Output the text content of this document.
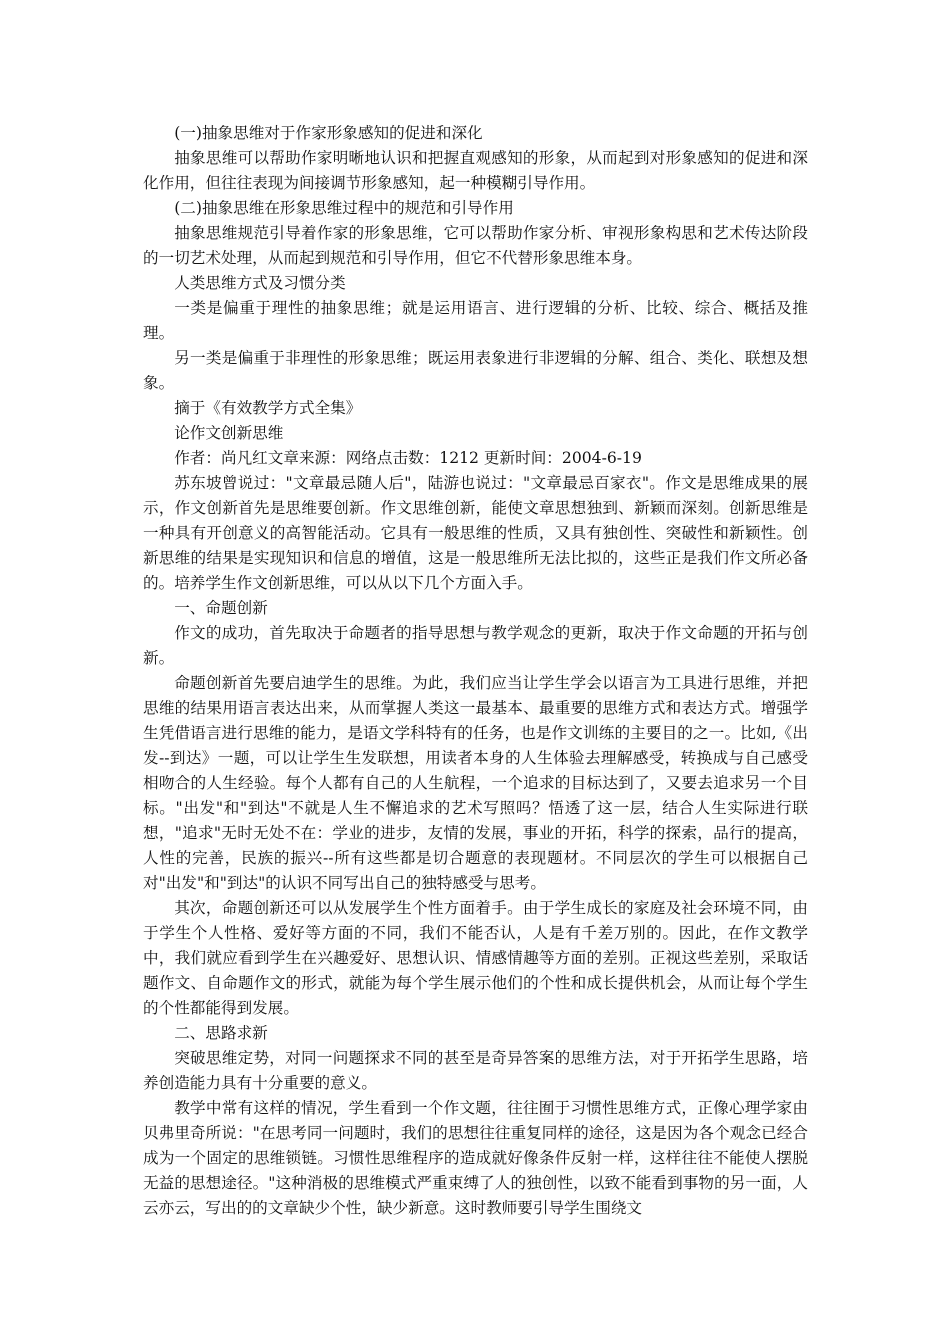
(一)抽象思维对于作家形象感知的促进和深化

抽象思维可以帮助作家明晰地认识和把握直观感知的形象，从而起到对形象感知的促进和深化作用，但往往表现为间接调节形象感知，起一种模糊引导作用。

(二)抽象思维在形象思维过程中的规范和引导作用

抽象思维规范引导着作家的形象思维，它可以帮助作家分析、审视形象构思和艺术传达阶段的一切艺术处理，从而起到规范和引导作用，但它不代替形象思维本身。

人类思维方式及习惯分类

一类是偏重于理性的抽象思维；就是运用语言、进行逻辑的分析、比较、综合、概括及推理。

另一类是偏重于非理性的形象思维；既运用表象进行非逻辑的分解、组合、类化、联想及想象。

摘于《有效教学方式全集》

论作文创新思维

作者：尚凡红文章来源：网络点击数：1212 更新时间：2004-6-19

苏东坡曾说过："文章最忌随人后"，陆游也说过："文章最忌百家衣"。作文是思维成果的展示，作文创新首先是思维要创新。作文思维创新，能使文章思想独到、新颖而深刻。创新思维是一种具有开创意义的高智能活动。它具有一般思维的性质，又具有独创性、突破性和新颖性。创新思维的结果是实现知识和信息的增值，这是一般思维所无法比拟的，这些正是我们作文所必备的。培养学生作文创新思维，可以从以下几个方面入手。

一、命题创新

作文的成功，首先取决于命题者的指导思想与教学观念的更新，取决于作文命题的开拓与创新。

命题创新首先要启迪学生的思维。为此，我们应当让学生学会以语言为工具进行思维，并把思维的结果用语言表达出来，从而掌握人类这一最基本、最重要的思维方式和表达方式。增强学生凭借语言进行思维的能力，是语文学科特有的任务，也是作文训练的主要目的之一。比如,《出发--到达》一题，可以让学生生发联想，用读者本身的人生体验去理解感受，转换成与自己感受相吻合的人生经验。每个人都有自己的人生航程，一个追求的目标达到了，又要去追求另一个目标。"出发"和"到达"不就是人生不懈追求的艺术写照吗？悟透了这一层，结合人生实际进行联想，"追求"无时无处不在：学业的进步，友情的发展，事业的开拓，科学的探索，品行的提高，人性的完善，民族的振兴--所有这些都是切合题意的表现题材。不同层次的学生可以根据自己对"出发"和"到达"的认识不同写出自己的独特感受与思考。

其次，命题创新还可以从发展学生个性方面着手。由于学生成长的家庭及社会环境不同，由于学生个人性格、爱好等方面的不同，我们不能否认，人是有千差万别的。因此，在作文教学中，我们就应看到学生在兴趣爱好、思想认识、情感情趣等方面的差别。正视这些差别，采取话题作文、自命题作文的形式，就能为每个学生展示他们的个性和成长提供机会，从而让每个学生的个性都能得到发展。

二、思路求新

突破思维定势，对同一问题探求不同的甚至是奇异答案的思维方法，对于开拓学生思路，培养创造能力具有十分重要的意义。

教学中常有这样的情况，学生看到一个作文题，往往囿于习惯性思维方式，正像心理学家由贝弗里奇所说："在思考同一问题时，我们的思想往往重复同样的途径，这是因为各个观念已经合成为一个固定的思维锁链。习惯性思维程序的造成就好像条件反射一样，这样往往不能使人摆脱无益的思想途径。"这种消极的思维模式严重束缚了人的独创性，以致不能看到事物的另一面，人云亦云，写出的的文章缺少个性，缺少新意。这时教师要引导学生围绕文
